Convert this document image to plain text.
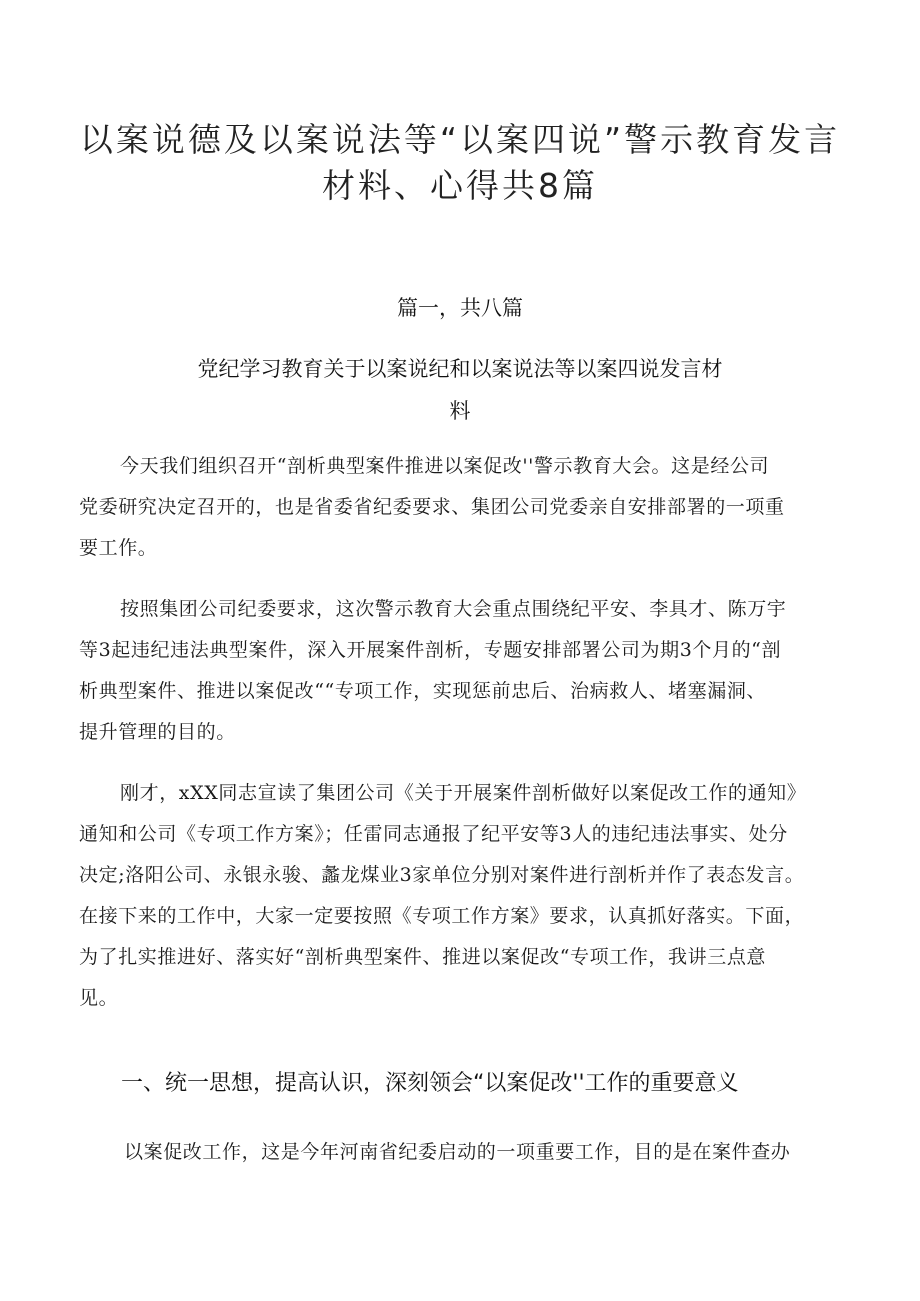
以案说德及以案说法等“以案四说”警示教育发言
材料、心得共8篇
篇一，共八篇
党纪学习教育关于以案说纪和以案说法等以案四说发言材
料
今天我们组织召开“剖析典型案件推进以案促改''警示教育大会。这是经公司
党委研究决定召开的，也是省委省纪委要求、集团公司党委亲自安排部署的一项重
要工作。
按照集团公司纪委要求，这次警示教育大会重点围绕纪平安、李具才、陈万宇
等3起违纪违法典型案件，深入开展案件剖析，专题安排部署公司为期3个月的“剖
析典型案件、推进以案促改““专项工作，实现惩前忠后、治病救人、堵塞漏洞、
提升管理的目的。
刚才，xXX同志宣读了集团公司《关于开展案件剖析做好以案促改工作的通知》
通知和公司《专项工作方案》；任雷同志通报了纪平安等3人的违纪违法事实、处分
决定;洛阳公司、永银永骏、蠡龙煤业3家单位分别对案件进行剖析并作了表态发言。
在接下来的工作中，大家一定要按照《专项工作方案》要求，认真抓好落实。下面，
为了扎实推进好、落实好“剖析典型案件、推进以案促改“专项工作，我讲三点意
见。
一、统一思想，提高认识，深刻领会“以案促改''工作的重要意义
以案促改工作，这是今年河南省纪委启动的一项重要工作，目的是在案件查办
